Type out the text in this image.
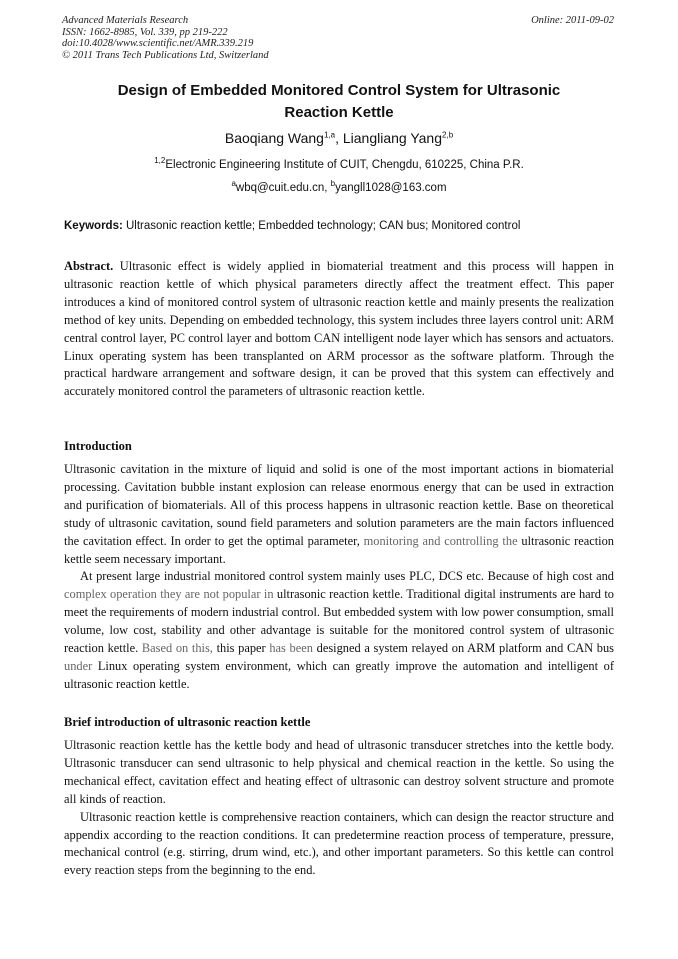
Advanced Materials Research
ISSN: 1662-8985, Vol. 339, pp 219-222
doi:10.4028/www.scientific.net/AMR.339.219
© 2011 Trans Tech Publications Ltd, Switzerland
Online: 2011-09-02
Design of Embedded Monitored Control System for Ultrasonic
Reaction Kettle
Baoqiang Wang$^{1,a}$, Liangliang Yang$^{2,b}$
$^{1,2}$Electronic Engineering Institute of CUIT, Chengdu, 610225, China P.R.
$^a$wbq@cuit.edu.cn, $^b$yangll1028@163.com
Keywords: Ultrasonic reaction kettle; Embedded technology; CAN bus; Monitored control

Abstract. Ultrasonic effect is widely applied in biomaterial treatment and this process will happen in ultrasonic reaction kettle of which physical parameters directly affect the treatment effect. This paper introduces a kind of monitored control system of ultrasonic reaction kettle and mainly presents the realization method of key units. Depending on embedded technology, this system includes three layers control unit: ARM central control layer, PC control layer and bottom CAN intelligent node layer which has sensors and actuators. Linux operating system has been transplanted on ARM processor as the software platform. Through the practical hardware arrangement and software design, it can be proved that this system can effectively and accurately monitored control the parameters of ultrasonic reaction kettle.

Introduction

Ultrasonic cavitation in the mixture of liquid and solid is one of the most important actions in biomaterial processing. Cavitation bubble instant explosion can release enormous energy that can be used in extraction and purification of biomaterials. All of this process happens in ultrasonic reaction kettle. Base on theoretical study of ultrasonic cavitation, sound field parameters and solution parameters are the main factors influenced the cavitation effect. In order to get the optimal parameter, monitoring and controlling the ultrasonic reaction kettle seem necessary important.

At present large industrial monitored control system mainly uses PLC, DCS etc. Because of high cost and complex operation they are not popular in ultrasonic reaction kettle. Traditional digital instruments are hard to meet the requirements of modern industrial control. But embedded system with low power consumption, small volume, low cost, stability and other advantage is suitable for the monitored control system of ultrasonic reaction kettle. Based on this, this paper has been designed a system relayed on ARM platform and CAN bus under Linux operating system environment, which can greatly improve the automation and intelligent of ultrasonic reaction kettle.

Brief introduction of ultrasonic reaction kettle

Ultrasonic reaction kettle has the kettle body and head of ultrasonic transducer stretches into the kettle body. Ultrasonic transducer can send ultrasonic to help physical and chemical reaction in the kettle. So using the mechanical effect, cavitation effect and heating effect of ultrasonic can destroy solvent structure and promote all kinds of reaction.

Ultrasonic reaction kettle is comprehensive reaction containers, which can design the reactor structure and appendix according to the reaction conditions. It can predetermine reaction process of temperature, pressure, mechanical control (e.g. stirring, drum wind, etc.), and other important parameters. So this kettle can control every reaction steps from the beginning to the end.
